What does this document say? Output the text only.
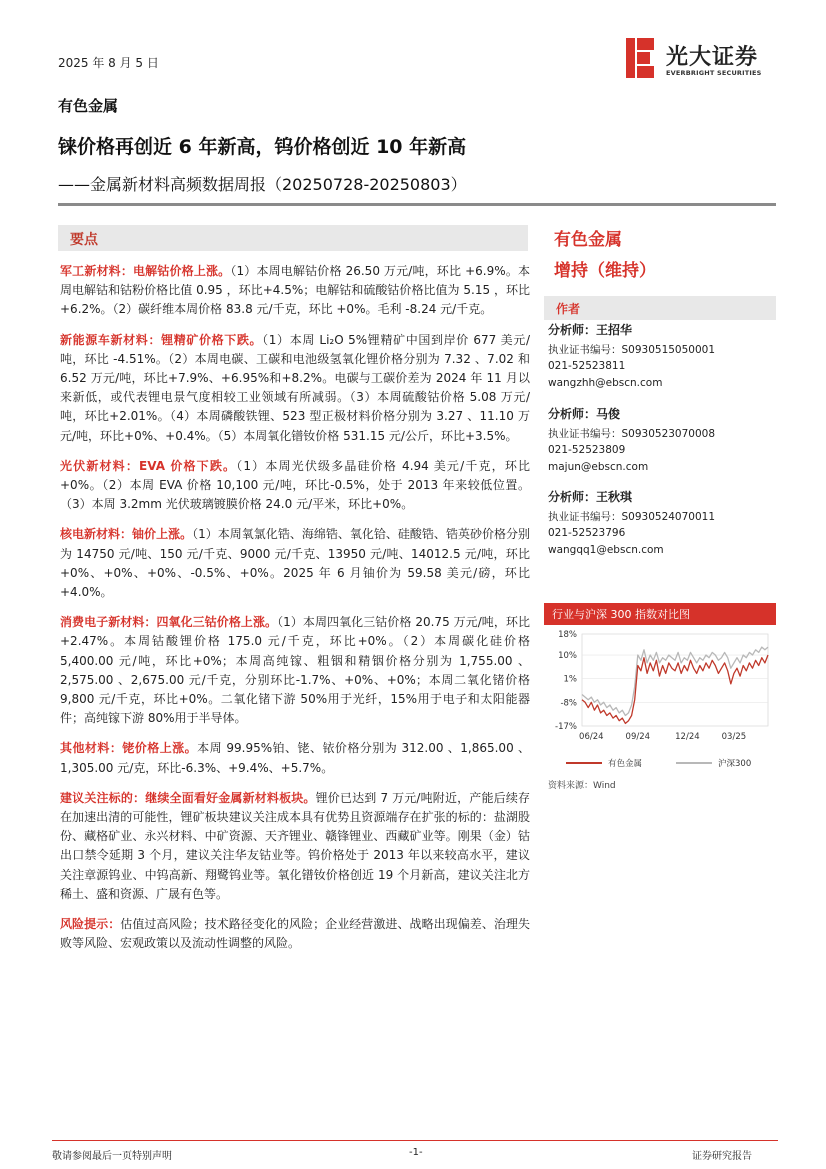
2025 年 8 月 5 日	光大证券
EVERBRIGHT SECURITIES
有色金属
铼价格再创近 6 年新高，钨价格创近 10 年新高
——金属新材料高频数据周报（20250728-20250803）
要点

军工新材料：电解钴价格上涨。（1）本周电解钴价格 26.50 万元/吨，环比 +6.9%。本周电解钴和钴粉价格比值 0.95 ，环比+4.5%；电解钴和硫酸钴价格比值为 5.15 ，环比+6.2%。（2）碳纤维本周价格 83.8 元/千克，环比 +0%。毛利 -8.24 元/千克。

新能源车新材料：锂精矿价格下跌。（1）本周 Li₂O 5%锂精矿中国到岸价 677 美元/吨，环比 -4.51%。（2）本周电碳、工碳和电池级氢氧化锂价格分别为 7.32 、7.02 和 6.52 万元/吨，环比+7.9%、+6.95%和+8.2%。电碳与工碳价差为 2024 年 11 月以来新低，或代表锂电景气度相较工业领域有所减弱。（3）本周硫酸钴价格 5.08 万元/吨，环比+2.01%。（4）本周磷酸铁锂、523 型正极材料价格分别为 3.27 、11.10 万元/吨，环比+0%、+0.4%。（5）本周氧化镨钕价格 531.15 元/公斤，环比+3.5%。

光伏新材料：EVA 价格下跌。（1）本周光伏级多晶硅价格 4.94 美元/千克，环比 +0%。（2）本周 EVA 价格 10,100 元/吨，环比-0.5%，处于 2013 年来较低位置。（3）本周 3.2mm 光伏玻璃镀膜价格 24.0 元/平米，环比+0%。

核电新材料：铀价上涨。（1）本周氧氯化锆、海绵锆、氧化铪、硅酸锆、锆英砂价格分别为 14750 元/吨、150 元/千克、9000 元/千克、13950 元/吨、14012.5 元/吨，环比+0%、+0%、+0%、-0.5%、+0%。2025 年 6 月铀价为 59.58 美元/磅，环比+4.0%。

消费电子新材料：四氧化三钴价格上涨。（1）本周四氧化三钴价格 20.75 万元/吨，环比+2.47%。本周钴酸锂价格 175.0 元/千克，环比+0%。（2）本周碳化硅价格 5,400.00 元/吨，环比+0%；本周高纯镓、粗铟和精铟价格分别为 1,755.00 、2,575.00 、2,675.00 元/千克，分别环比-1.7%、+0%、+0%；本周二氧化锗价格 9,800 元/千克，环比+0%。二氧化锗下游 50%用于光纤，15%用于电子和太阳能器件；高纯镓下游 80%用于半导体。

其他材料：铑价格上涨。本周 99.95%铂、铑、铱价格分别为 312.00 、1,865.00 、1,305.00 元/克，环比-6.3%、+9.4%、+5.7%。

建议关注标的：继续全面看好金属新材料板块。锂价已达到 7 万元/吨附近，产能后续存在加速出清的可能性，锂矿板块建议关注成本具有优势且资源端存在扩张的标的：盐湖股份、藏格矿业、永兴材料、中矿资源、天齐锂业、赣锋锂业、西藏矿业等。刚果（金）钴出口禁令延期 3 个月，建议关注华友钴业等。钨价格处于 2013 年以来较高水平，建议关注章源钨业、中钨高新、翔鹭钨业等。氧化镨钕价格创近 19 个月新高，建议关注北方稀土、盛和资源、广晟有色等。

风险提示：估值过高风险；技术路径变化的风险；企业经营激进、战略出现偏差、治理失败等风险、宏观政策以及流动性调整的风险。

有色金属
增持（维持）
作者
分析师：王招华
执业证书编号：S0930515050001
021-52523811
wangzhh@ebscn.com
分析师：马俊
执业证书编号：S0930523070008
021-52523809
majun@ebscn.com
分析师：王秋琪
执业证书编号：S0930524070011
021-52523796
wangqq1@ebscn.com
行业与沪深 300 指数对比图
18%
10%
1%
-8%
-17%
06/24	09/24	12/24	03/25
有色金属	沪深300
资料来源：Wind
敬请参阅最后一页特别声明	-1-	证券研究报告
